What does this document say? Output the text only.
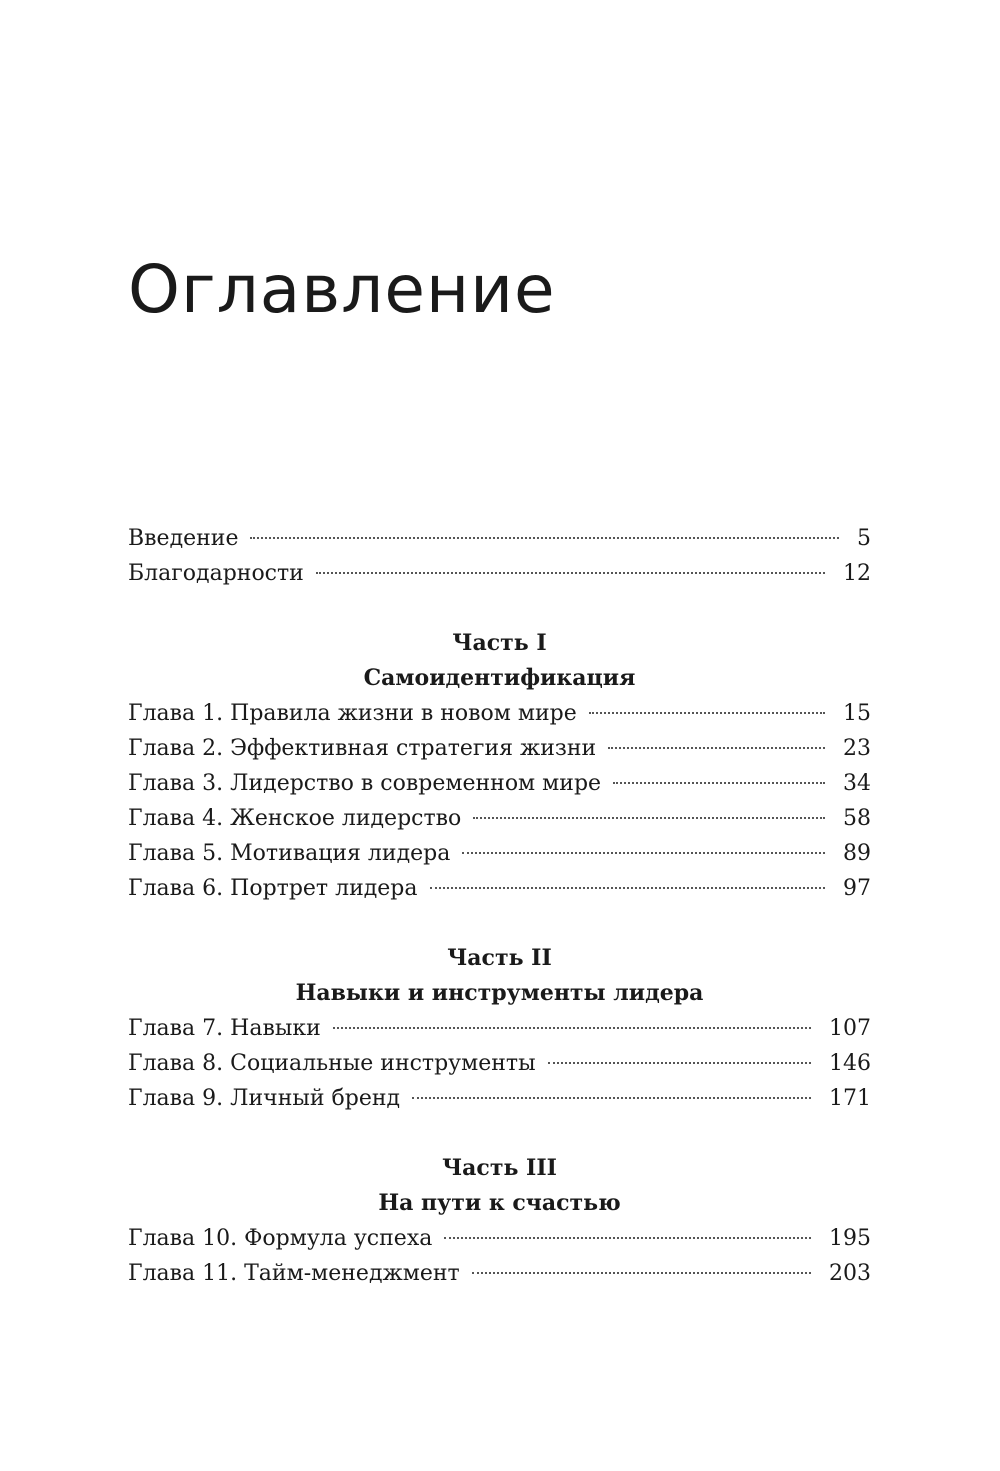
Оглавление
Введение	5
Благодарности	12
Часть I
Самоидентификация
Глава 1. Правила жизни в новом мире	15
Глава 2. Эффективная стратегия жизни	23
Глава 3. Лидерство в современном мире	34
Глава 4. Женское лидерство	58
Глава 5. Мотивация лидера	89
Глава 6. Портрет лидера	97
Часть II
Навыки и инструменты лидера
Глава 7. Навыки	107
Глава 8. Социальные инструменты	146
Глава 9. Личный бренд	171
Часть III
На пути к счастью
Глава 10. Формула успеха	195
Глава 11. Тайм-менеджмент	203
